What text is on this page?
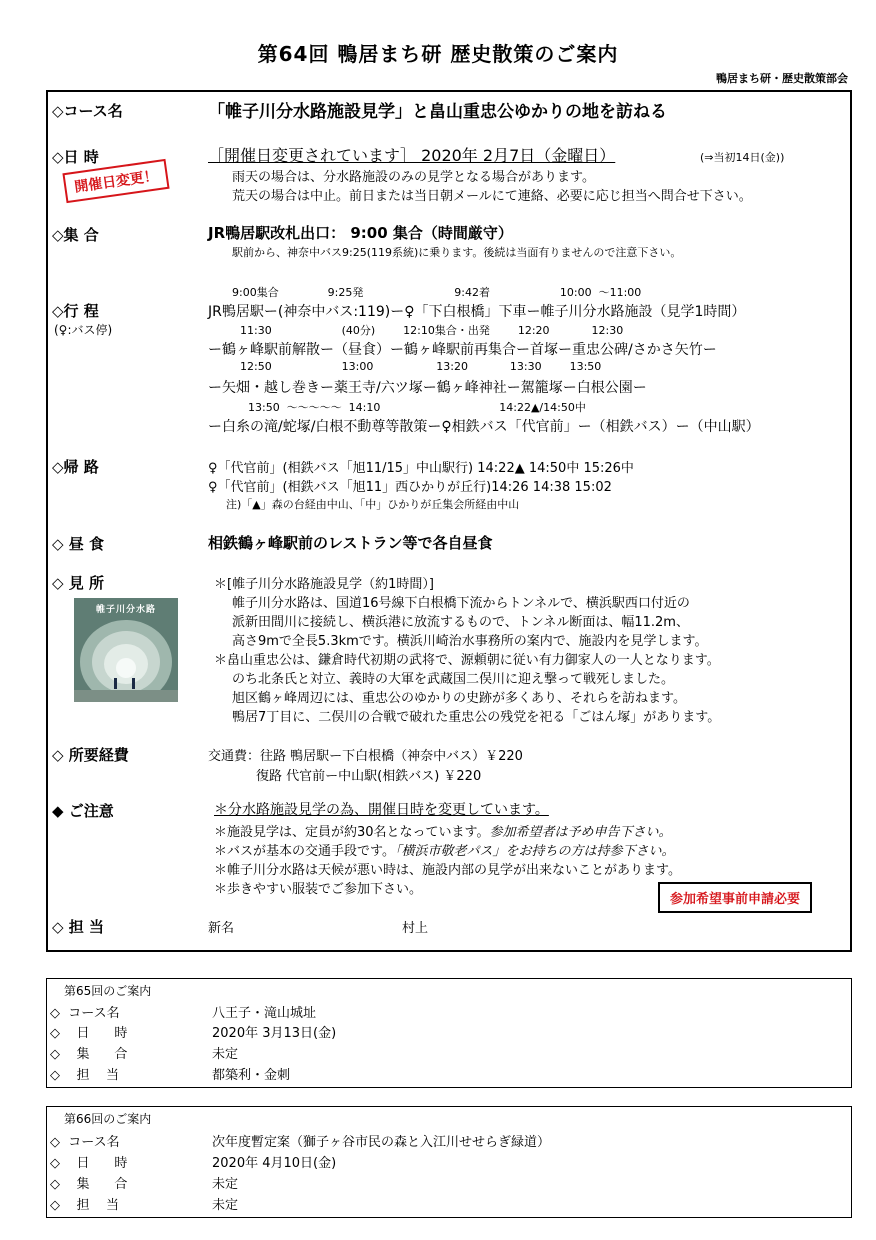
第64回 鴨居まち研 歴史散策のご案内
鴨居まち研・歴史散策部会
◇コース名	「帷子川分水路施設見学」と畠山重忠公ゆかりの地を訪ねる
◇日 時	［開催日変更されています］ 2020年 2月7日（金曜日）	(⇒当初14日(金))
雨天の場合は、分水路施設のみの見学となる場合があります。
荒天の場合は中止。前日または当日朝メールにて連絡、必要に応じ担当へ問合せ下さい。
開催日変更！
◇集 合	JR鴨居駅改札出口： 9:00 集合（時間厳守）
駅前から、神奈中バス9:25(119系統)に乗ります。後続は当面有りませんので注意下さい。
◇行 程
(♀:バス停)
9:00集合              9:25発                          9:42着                    10:00  ～11:00
JR鴨居駅ー(神奈中バス:119)ー♀「下白根橋」下車ー帷子川分水路施設（見学1時間）
11:30                    (40分)        12:10集合・出発        12:20            12:30
ー鶴ヶ峰駅前解散ー（昼食）ー鶴ヶ峰駅前再集合ー首塚ー重忠公碑/さかさ矢竹ー
12:50                    13:00                  13:20            13:30        13:50
ー矢畑・越し巻きー薬王寺/六ツ塚ー鶴ヶ峰神社ー駕籠塚ー白根公園ー
13:50  ～～～～～  14:10                                  14:22▲/14:50中
ー白糸の滝/蛇塚/白根不動尊等散策ー♀相鉄バス「代官前」ー（相鉄バス）ー（中山駅）
◇帰 路	♀「代官前」(相鉄バス「旭11/15」中山駅行) 14:22▲ 14:50中 15:26中
♀「代官前」(相鉄バス「旭11」西ひかりが丘行)14:26 14:38 15:02
注)「▲」森の台経由中山、「中」ひかりが丘集会所経由中山
◇ 昼 食	相鉄鶴ヶ峰駅前のレストラン等で各自昼食
◇ 見 所
帷子川分水路
＊[帷子川分水路施設見学（約1時間）]
帷子川分水路は、国道16号線下白根橋下流からトンネルで、横浜駅西口付近の
派新田間川に接続し、横浜港に放流するもので、トンネル断面は、幅11.2m、
高さ9mで全長5.3kmです。横浜川崎治水事務所の案内で、施設内を見学します。
＊畠山重忠公は、鎌倉時代初期の武将で、源頼朝に従い有力御家人の一人となります。
のち北条氏と対立、義時の大軍を武蔵国二俣川に迎え撃って戦死しました。
旭区鶴ヶ峰周辺には、重忠公のゆかりの史跡が多くあり、それらを訪ねます。
鴨居7丁目に、二俣川の合戦で破れた重忠公の残党を祀る「ごはん塚」があります。
◇ 所要経費	交通費：往路 鴨居駅ー下白根橋（神奈中バス）￥220
復路 代官前ー中山駅(相鉄バス) ￥220
◆ ご注意	＊分水路施設見学の為、開催日時を変更しています。
＊施設見学は、定員が約30名となっています。参加希望者は予め申告下さい。
＊バスが基本の交通手段です。「横浜市敬老パス」をお持ちの方は持参下さい。
＊帷子川分水路は天候が悪い時は、施設内部の見学が出来ないことがあります。
＊歩きやすい服装でご参加下さい。
参加希望事前申請必要
◇ 担 当	新名	村上
第65回のご案内
◇  コース名	八王子・滝山城址
◇    日      時	2020年 3月13日(金)
◇    集      合	未定
◇    担    当	都築利・金刺
第66回のご案内
◇  コース名	次年度暫定案（獅子ヶ谷市民の森と入江川せせらぎ緑道）
◇    日      時	2020年 4月10日(金)
◇    集      合	未定
◇    担    当	未定
